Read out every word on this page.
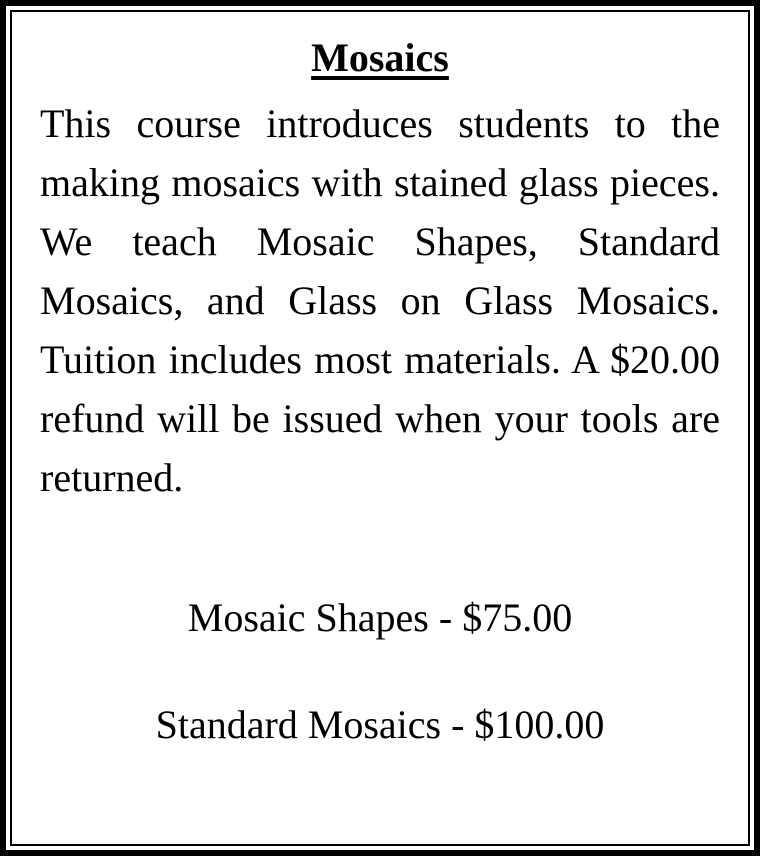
Mosaics

This course introduces students to the making mosaics with stained glass pieces. We teach Mosaic Shapes, Standard Mosaics, and Glass on Glass Mosaics. Tuition includes most materials. A $20.00 refund will be issued when your tools are returned.

Mosaic Shapes - $75.00

Standard Mosaics - $100.00
